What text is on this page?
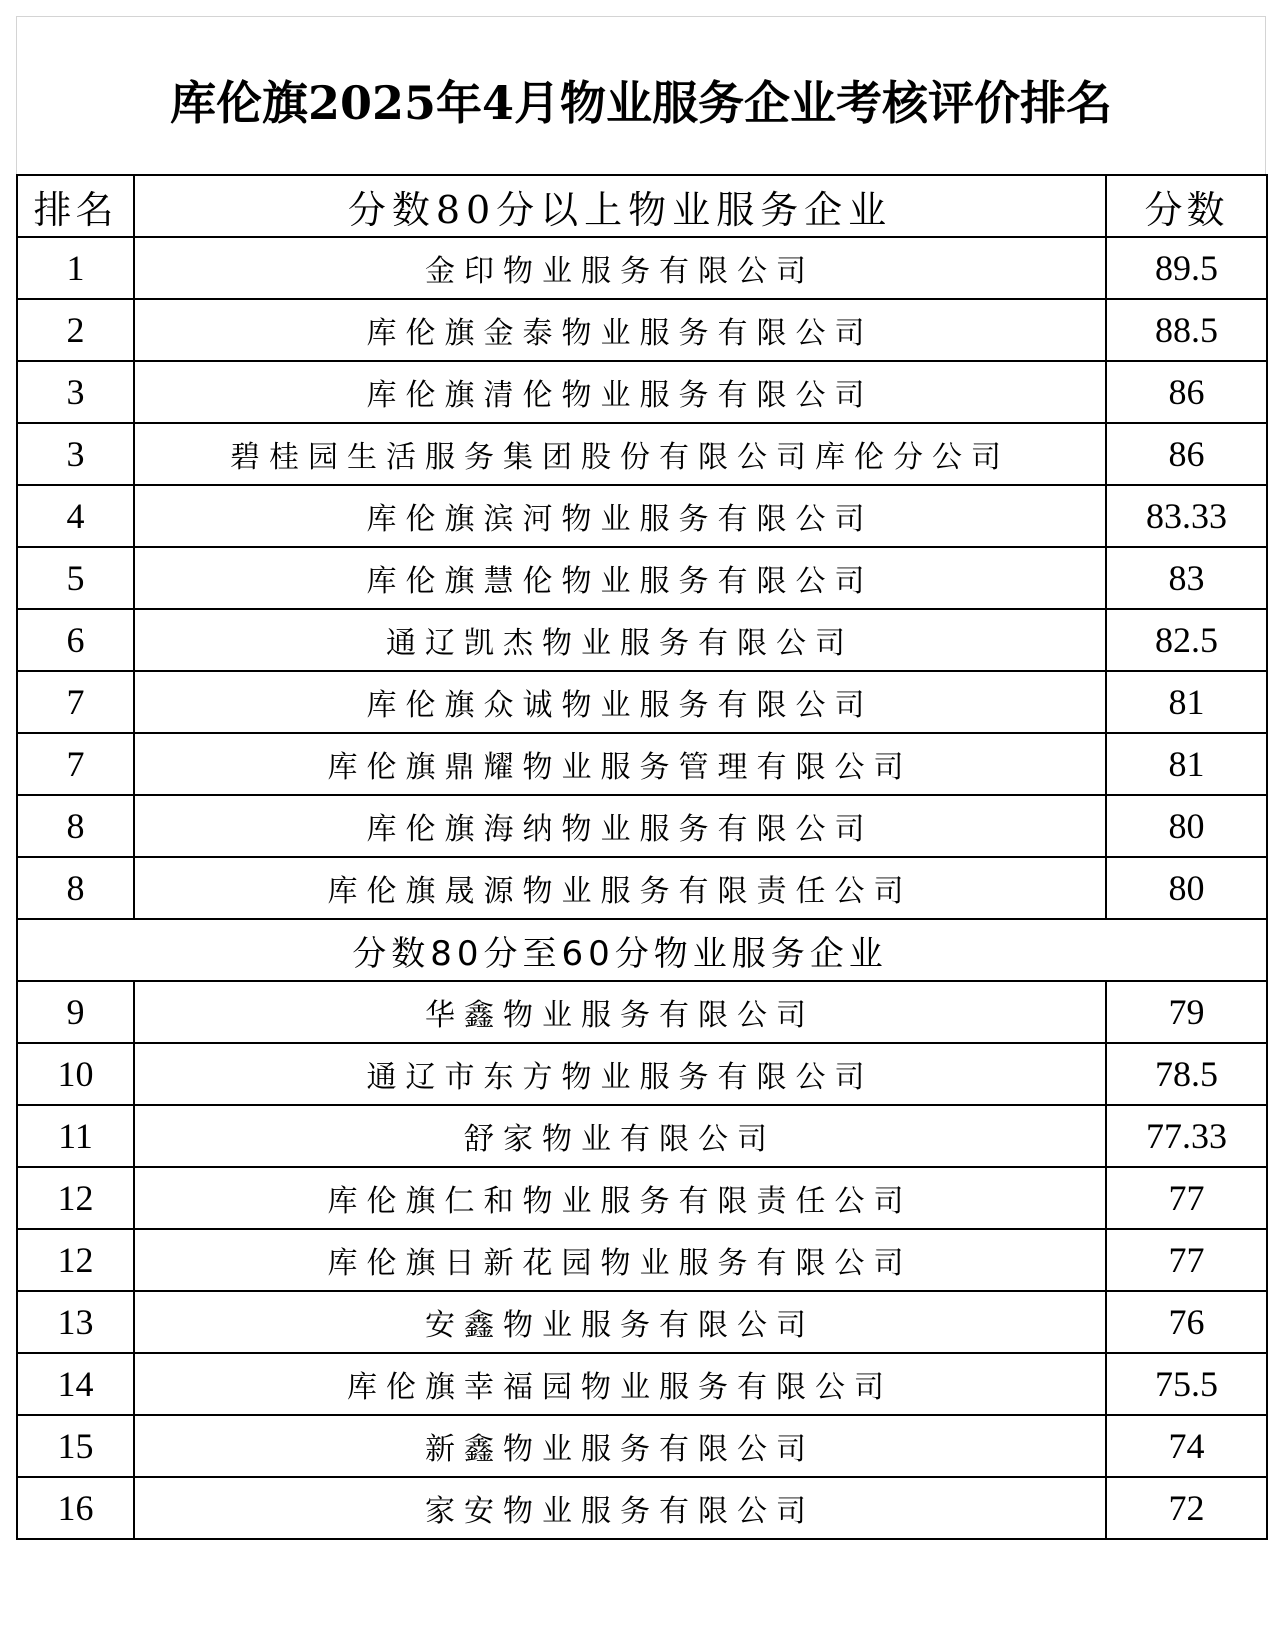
库伦旗2025年4月物业服务企业考核评价排名
排名	分数80分以上物业服务企业	分数
1	金印物业服务有限公司	89.5
2	库伦旗金泰物业服务有限公司	88.5
3	库伦旗清伦物业服务有限公司	86
3	碧桂园生活服务集团股份有限公司库伦分公司	86
4	库伦旗滨河物业服务有限公司	83.33
5	库伦旗慧伦物业服务有限公司	83
6	通辽凯杰物业服务有限公司	82.5
7	库伦旗众诚物业服务有限公司	81
7	库伦旗鼎耀物业服务管理有限公司	81
8	库伦旗海纳物业服务有限公司	80
8	库伦旗晟源物业服务有限责任公司	80
	分数80分至60分物业服务企业	
9	华鑫物业服务有限公司	79
10	通辽市东方物业服务有限公司	78.5
11	舒家物业有限公司	77.33
12	库伦旗仁和物业服务有限责任公司	77
12	库伦旗日新花园物业服务有限公司	77
13	安鑫物业服务有限公司	76
14	库伦旗幸福园物业服务有限公司	75.5
15	新鑫物业服务有限公司	74
16	家安物业服务有限公司	72
